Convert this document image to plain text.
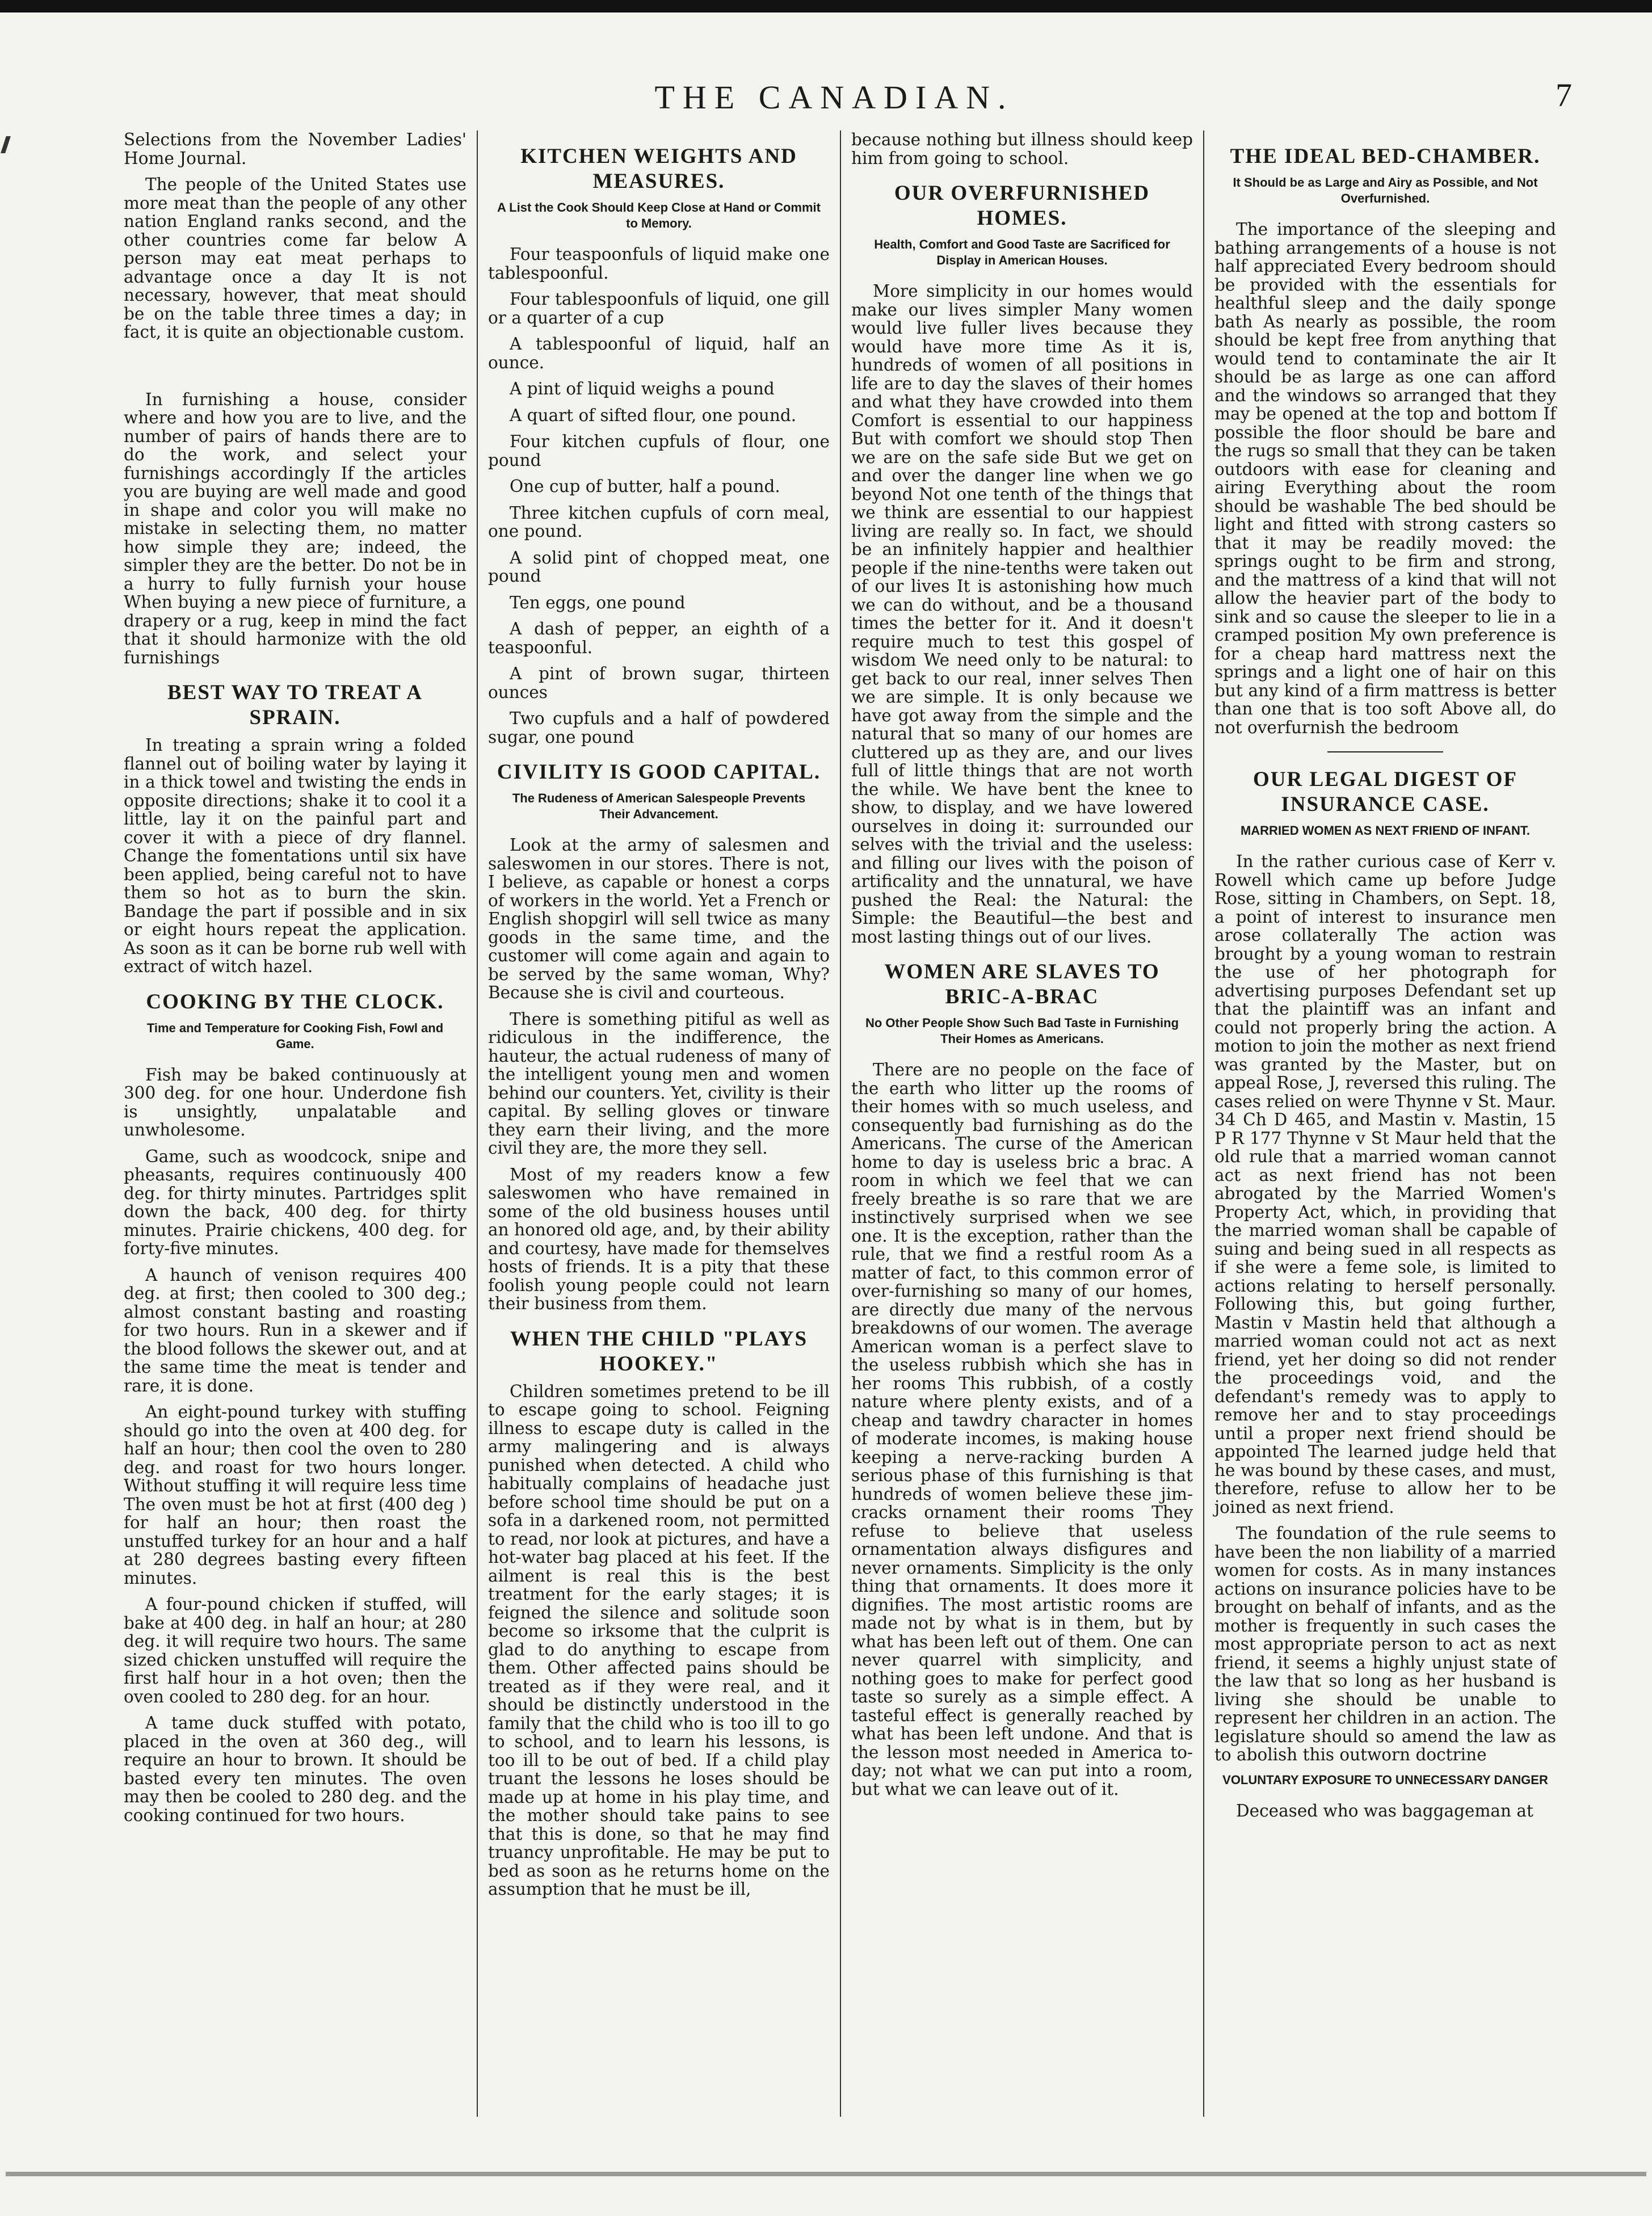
THE CANADIAN.	7

Selections from the November Ladies' Home Journal.

The people of the United States use more meat than the people of any other nation England ranks second, and the other countries come far below A person may eat meat perhaps to advantage once a day It is not necessary, however, that meat should be on the table three times a day; in fact, it is quite an objectionable custom.

In furnishing a house, consider where and how you are to live, and the number of pairs of hands there are to do the work, and select your furnishings accordingly If the articles you are buying are well made and good in shape and color you will make no mistake in selecting them, no matter how simple they are; indeed, the simpler they are the better. Do not be in a hurry to fully furnish your house When buying a new piece of furniture, a drapery or a rug, keep in mind the fact that it should harmonize with the old furnishings

BEST WAY TO TREAT A SPRAIN.

In treating a sprain wring a folded flannel out of boiling water by laying it in a thick towel and twisting the ends in opposite directions; shake it to cool it a little, lay it on the painful part and cover it with a piece of dry flannel. Change the fomentations until six have been applied, being careful not to have them so hot as to burn the skin. Bandage the part if possible and in six or eight hours repeat the application. As soon as it can be borne rub well with extract of witch hazel.

COOKING BY THE CLOCK.
Time and Temperature for Cooking Fish, Fowl and Game.

Fish may be baked continuously at 300 deg. for one hour. Underdone fish is unsightly, unpalatable and unwholesome.

Game, such as woodcock, snipe and pheasants, requires continuously 400 deg. for thirty minutes. Partridges split down the back, 400 deg. for thirty minutes. Prairie chickens, 400 deg. for forty-five minutes.

A haunch of venison requires 400 deg. at first; then cooled to 300 deg.; almost constant basting and roasting for two hours. Run in a skewer and if the blood follows the skewer out, and at the same time the meat is tender and rare, it is done.

An eight-pound turkey with stuffing should go into the oven at 400 deg. for half an hour; then cool the oven to 280 deg. and roast for two hours longer. Without stuffing it will require less time The oven must be hot at first (400 deg ) for half an hour; then roast the unstuffed turkey for an hour and a half at 280 degrees basting every fifteen minutes.

A four-pound chicken if stuffed, will bake at 400 deg. in half an hour; at 280 deg. it will require two hours. The same sized chicken unstuffed will require the first half hour in a hot oven; then the oven cooled to 280 deg. for an hour.

A tame duck stuffed with potato, placed in the oven at 360 deg., will require an hour to brown. It should be basted every ten minutes. The oven may then be cooled to 280 deg. and the cooking continued for two hours.

KITCHEN WEIGHTS AND MEASURES.
A List the Cook Should Keep Close at Hand or Commit to Memory.

Four teaspoonfuls of liquid make one tablespoonful.

Four tablespoonfuls of liquid, one gill or a quarter of a cup

A tablespoonful of liquid, half an ounce.

A pint of liquid weighs a pound

A quart of sifted flour, one pound.

Four kitchen cupfuls of flour, one pound

One cup of butter, half a pound.

Three kitchen cupfuls of corn meal, one pound.

A solid pint of chopped meat, one pound

Ten eggs, one pound

A dash of pepper, an eighth of a teaspoonful.

A pint of brown sugar, thirteen ounces

Two cupfuls and a half of powdered sugar, one pound

CIVILITY IS GOOD CAPITAL.
The Rudeness of American Salespeople Prevents Their Advancement.

Look at the army of salesmen and saleswomen in our stores. There is not, I believe, as capable or honest a corps of workers in the world. Yet a French or English shopgirl will sell twice as many goods in the same time, and the customer will come again and again to be served by the same woman, Why? Because she is civil and courteous.

There is something pitiful as well as ridiculous in the indifference, the hauteur, the actual rudeness of many of the intelligent young men and women behind our counters. Yet, civility is their capital. By selling gloves or tinware they earn their living, and the more civil they are, the more they sell.

Most of my readers know a few saleswomen who have remained in some of the old business houses until an honored old age, and, by their ability and courtesy, have made for themselves hosts of friends. It is a pity that these foolish young people could not learn their business from them.

WHEN THE CHILD "PLAYS HOOKEY."

Children sometimes pretend to be ill to escape going to school. Feigning illness to escape duty is called in the army malingering and is always punished when detected. A child who habitually complains of headache just before school time should be put on a sofa in a darkened room, not permitted to read, nor look at pictures, and have a hot-water bag placed at his feet. If the ailment is real this is the best treatment for the early stages; it is feigned the silence and solitude soon become so irksome that the culprit is glad to do anything to escape from them. Other affected pains should be treated as if they were real, and it should be distinctly understood in the family that the child who is too ill to go to school, and to learn his lessons, is too ill to be out of bed. If a child play truant the lessons he loses should be made up at home in his play time, and the mother should take pains to see that this is done, so that he may find truancy unprofitable. He may be put to bed as soon as he returns home on the assumption that he must be ill,

because nothing but illness should keep him from going to school.

OUR OVERFURNISHED HOMES.
Health, Comfort and Good Taste are Sacrificed for Display in American Houses.

More simplicity in our homes would make our lives simpler Many women would live fuller lives because they would have more time As it is, hundreds of women of all positions in life are to day the slaves of their homes and what they have crowded into them Comfort is essential to our happiness But with comfort we should stop Then we are on the safe side But we get on and over the danger line when we go beyond Not one tenth of the things that we think are essential to our happiest living are really so. In fact, we should be an infinitely happier and healthier people if the nine-tenths were taken out of our lives It is astonishing how much we can do without, and be a thousand times the better for it. And it doesn't require much to test this gospel of wisdom We need only to be natural: to get back to our real, inner selves Then we are simple. It is only because we have got away from the simple and the natural that so many of our homes are cluttered up as they are, and our lives full of little things that are not worth the while. We have bent the knee to show, to display, and we have lowered ourselves in doing it: surrounded our selves with the trivial and the useless: and filling our lives with the poison of artificality and the unnatural, we have pushed the Real: the Natural: the Simple: the Beautiful—the best and most lasting things out of our lives.

WOMEN ARE SLAVES TO BRIC-A-BRAC
No Other People Show Such Bad Taste in Furnishing Their Homes as Americans.

There are no people on the face of the earth who litter up the rooms of their homes with so much useless, and consequently bad furnishing as do the Americans. The curse of the American home to day is useless bric a brac. A room in which we feel that we can freely breathe is so rare that we are instinctively surprised when we see one. It is the exception, rather than the rule, that we find a restful room As a matter of fact, to this common error of over-furnishing so many of our homes, are directly due many of the nervous breakdowns of our women. The average American woman is a perfect slave to the useless rubbish which she has in her rooms This rubbish, of a costly nature where plenty exists, and of a cheap and tawdry character in homes of moderate incomes, is making house keeping a nerve-racking burden A serious phase of this furnishing is that hundreds of women believe these jim-cracks ornament their rooms They refuse to believe that useless ornamentation always disfigures and never ornaments. Simplicity is the only thing that ornaments. It does more it dignifies. The most artistic rooms are made not by what is in them, but by what has been left out of them. One can never quarrel with simplicity, and nothing goes to make for perfect good taste so surely as a simple effect. A tasteful effect is generally reached by what has been left undone. And that is the lesson most needed in America to-day; not what we can put into a room, but what we can leave out of it.

THE IDEAL BED-CHAMBER.
It Should be as Large and Airy as Possible, and Not Overfurnished.

The importance of the sleeping and bathing arrangements of a house is not half appreciated Every bedroom should be provided with the essentials for healthful sleep and the daily sponge bath As nearly as possible, the room should be kept free from anything that would tend to contaminate the air It should be as large as one can afford and the windows so arranged that they may be opened at the top and bottom If possible the floor should be bare and the rugs so small that they can be taken outdoors with ease for cleaning and airing Everything about the room should be washable The bed should be light and fitted with strong casters so that it may be readily moved: the springs ought to be firm and strong, and the mattress of a kind that will not allow the heavier part of the body to sink and so cause the sleeper to lie in a cramped position My own preference is for a cheap hard mattress next the springs and a light one of hair on this but any kind of a firm mattress is better than one that is too soft Above all, do not overfurnish the bedroom

OUR LEGAL DIGEST OF INSURANCE CASE.
MARRIED WOMEN AS NEXT FRIEND OF INFANT.

In the rather curious case of Kerr v. Rowell which came up before Judge Rose, sitting in Chambers, on Sept. 18, a point of interest to insurance men arose collaterally The action was brought by a young woman to restrain the use of her photograph for advertising purposes Defendant set up that the plaintiff was an infant and could not properly bring the action. A motion to join the mother as next friend was granted by the Master, but on appeal Rose, J, reversed this ruling. The cases relied on were Thynne v St. Maur. 34 Ch D 465, and Mastin v. Mastin, 15 P R 177 Thynne v St Maur held that the old rule that a married woman cannot act as next friend has not been abrogated by the Married Women's Property Act, which, in providing that the married woman shall be capable of suing and being sued in all respects as if she were a feme sole, is limited to actions relating to herself personally. Following this, but going further, Mastin v Mastin held that although a married woman could not act as next friend, yet her doing so did not render the proceedings void, and the defendant's remedy was to apply to remove her and to stay proceedings until a proper next friend should be appointed The learned judge held that he was bound by these cases, and must, therefore, refuse to allow her to be joined as next friend.

The foundation of the rule seems to have been the non liability of a married women for costs. As in many instances actions on insurance policies have to be brought on behalf of infants, and as the mother is frequently in such cases the most appropriate person to act as next friend, it seems a highly unjust state of the law that so long as her husband is living she should be unable to represent her children in an action. The legislature should so amend the law as to abolish this outworn doctrine

VOLUNTARY EXPOSURE TO UNNECESSARY DANGER

Deceased who was baggageman at
